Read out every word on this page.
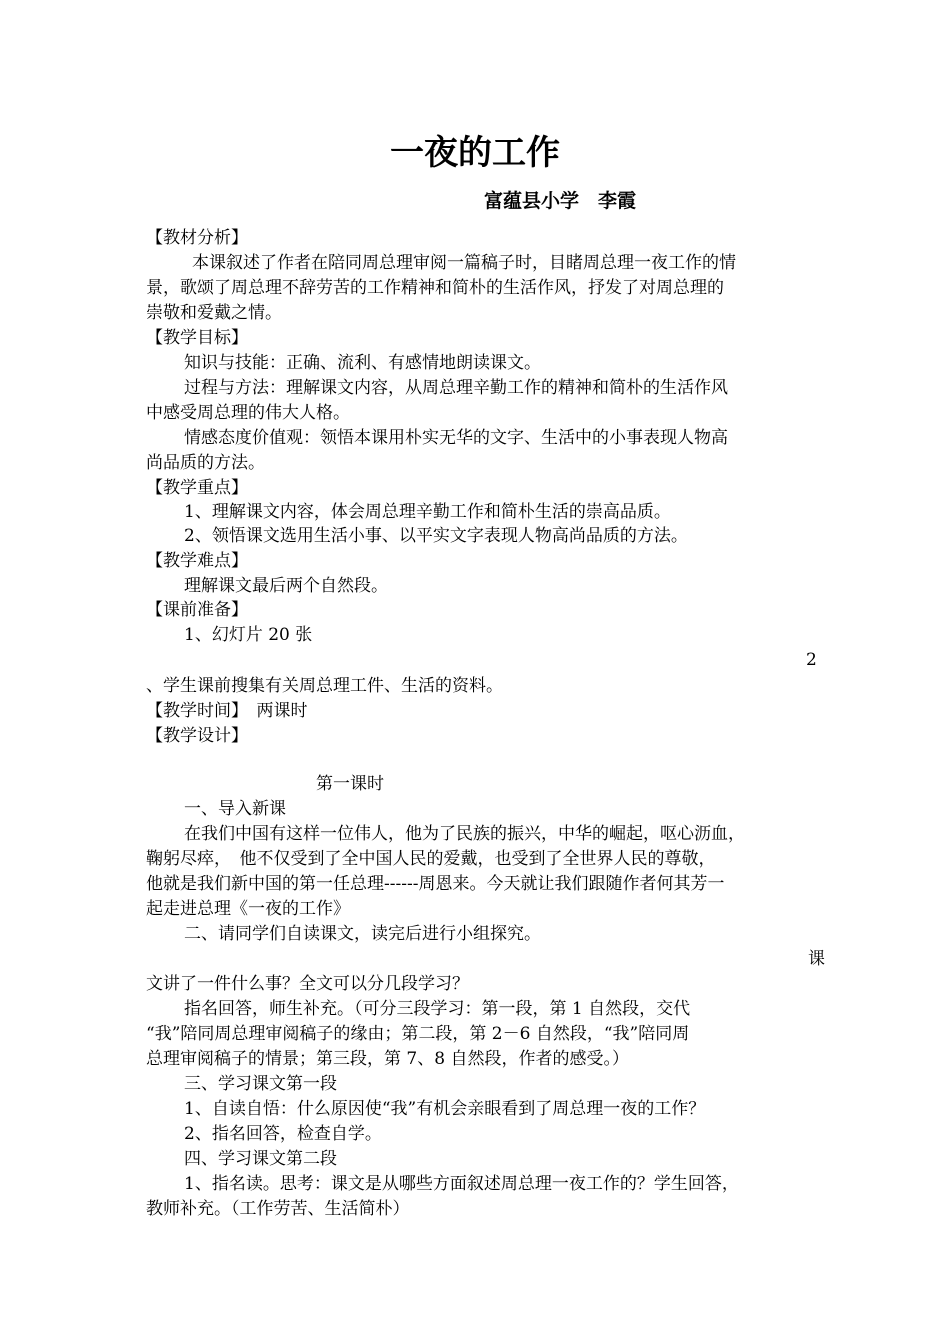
一夜的工作
富蕴县小学　李霞
【教材分析】
本课叙述了作者在陪同周总理审阅一篇稿子时，目睹周总理一夜工作的情
景，歌颂了周总理不辞劳苦的工作精神和简朴的生活作风，抒发了对周总理的
崇敬和爱戴之情。
【教学目标】
知识与技能：正确、流利、有感情地朗读课文。
过程与方法：理解课文内容，从周总理辛勤工作的精神和简朴的生活作风
中感受周总理的伟大人格。
情感态度价值观：领悟本课用朴实无华的文字、生活中的小事表现人物高
尚品质的方法。
【教学重点】
1、理解课文内容，体会周总理辛勤工作和简朴生活的崇高品质。
2、领悟课文选用生活小事、以平实文字表现人物高尚品质的方法。
【教学难点】
理解课文最后两个自然段。
【课前准备】
1、幻灯片 20 张
2
、学生课前搜集有关周总理工件、生活的资料。
【教学时间】　两课时
【教学设计】
第一课时
一、导入新课
在我们中国有这样一位伟人，他为了民族的振兴，中华的崛起，呕心沥血，
鞠躬尽瘁，　他不仅受到了全中国人民的爱戴，也受到了全世界人民的尊敬，
他就是我们新中国的第一任总理------周恩来。今天就让我们跟随作者何其芳一
起走进总理《一夜的工作》
二、请同学们自读课文，读完后进行小组探究。
课
文讲了一件什么事？全文可以分几段学习？
指名回答，师生补充。（可分三段学习：第一段，第 1 自然段，交代
“我”陪同周总理审阅稿子的缘由；第二段，第 2－6 自然段，“我”陪同周
总理审阅稿子的情景；第三段，第 7、8 自然段，作者的感受。）
三、学习课文第一段
1、自读自悟：什么原因使“我”有机会亲眼看到了周总理一夜的工作？
2、指名回答，检查自学。
四、学习课文第二段
1、指名读。思考：课文是从哪些方面叙述周总理一夜工作的？学生回答，
教师补充。（工作劳苦、生活简朴）
